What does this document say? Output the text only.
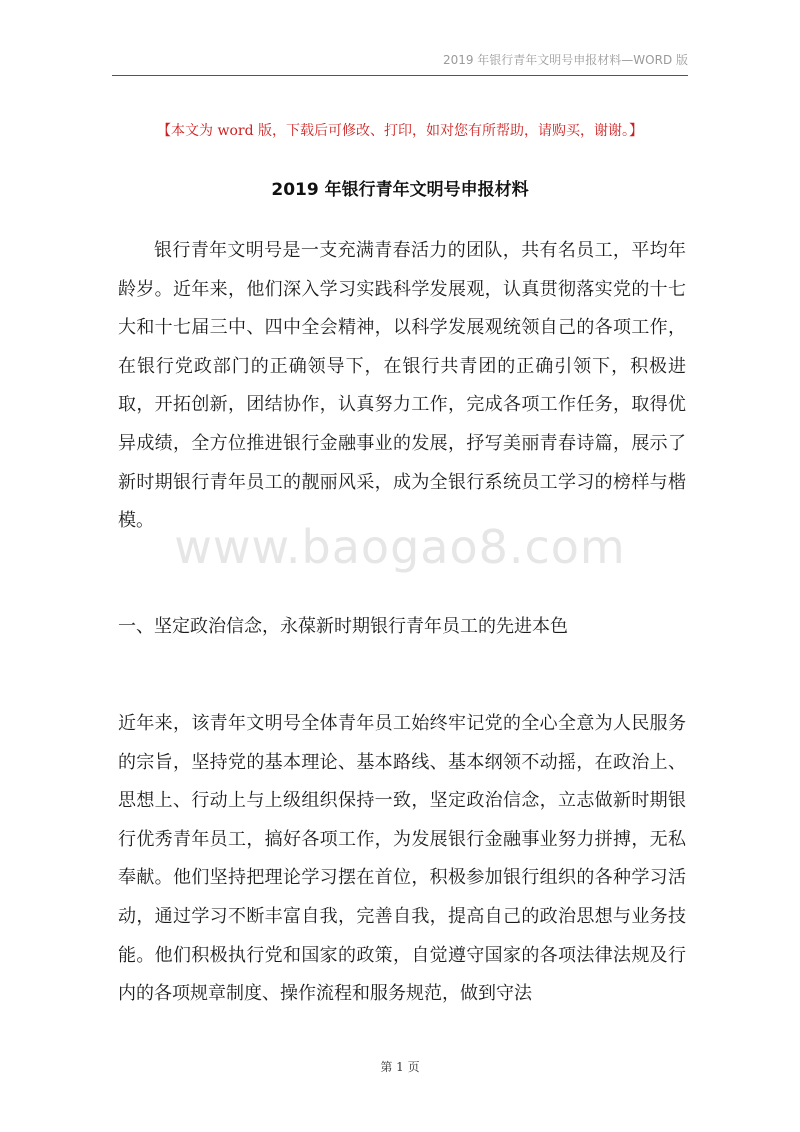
2019 年银行青年文明号申报材料—WORD 版
www.baogao8.com
【本文为 word 版，下载后可修改、打印，如对您有所帮助，请购买，谢谢。】
2019 年银行青年文明号申报材料

银行青年文明号是一支充满青春活力的团队，共有名员工，平均年龄岁。近年来，他们深入学习实践科学发展观，认真贯彻落实党的十七大和十七届三中、四中全会精神，以科学发展观统领自己的各项工作，在银行党政部门的正确领导下，在银行共青团的正确引领下，积极进取，开拓创新，团结协作，认真努力工作，完成各项工作任务，取得优异成绩，全方位推进银行金融事业的发展，抒写美丽青春诗篇，展示了新时期银行青年员工的靓丽风采，成为全银行系统员工学习的榜样与楷模。

一、坚定政治信念，永葆新时期银行青年员工的先进本色

近年来，该青年文明号全体青年员工始终牢记党的全心全意为人民服务的宗旨，坚持党的基本理论、基本路线、基本纲领不动摇，在政治上、思想上、行动上与上级组织保持一致，坚定政治信念，立志做新时期银行优秀青年员工，搞好各项工作，为发展银行金融事业努力拼搏，无私奉献。他们坚持把理论学习摆在首位，积极参加银行组织的各种学习活动，通过学习不断丰富自我，完善自我，提高自己的政治思想与业务技能。他们积极执行党和国家的政策，自觉遵守国家的各项法律法规及行内的各项规章制度、操作流程和服务规范，做到守法

第 1 页
